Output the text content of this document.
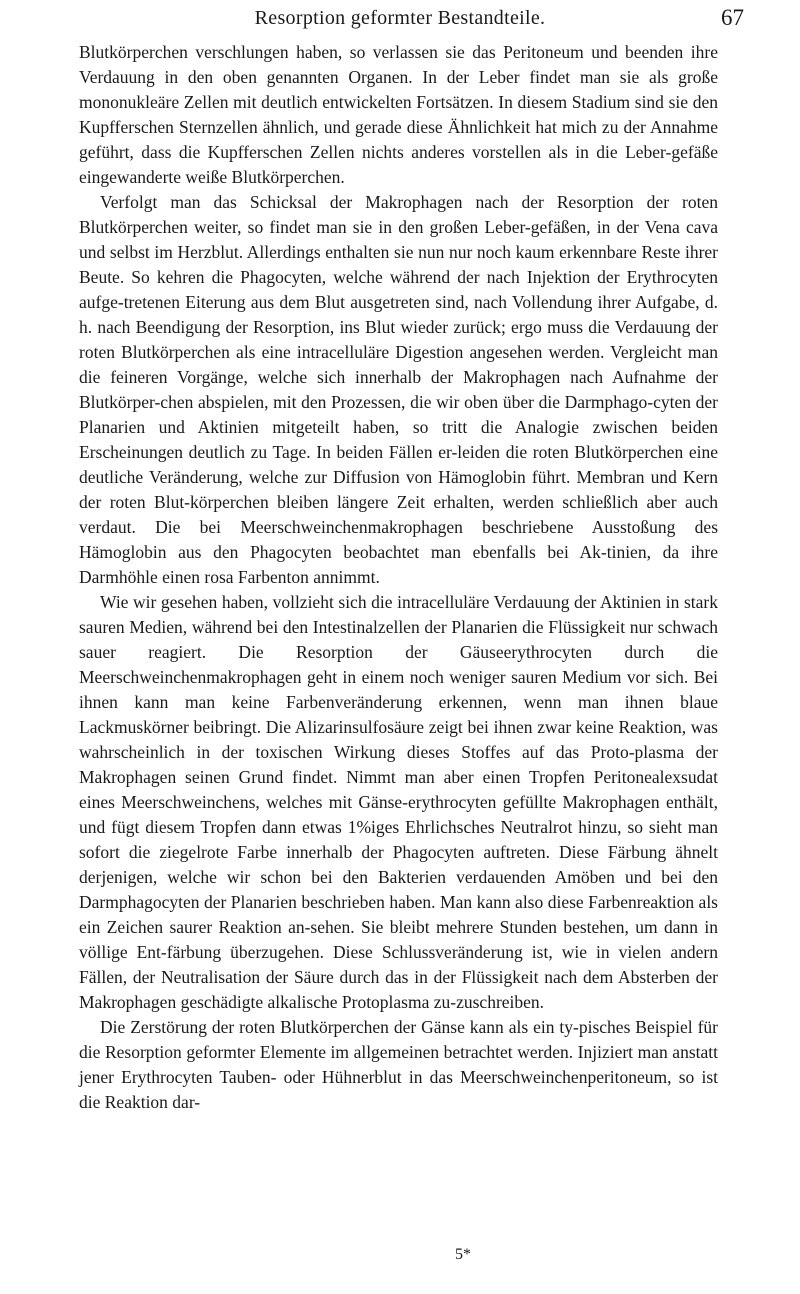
Resorption geformter Bestandteile.	67

Blutkörperchen verschlungen haben, so verlassen sie das Peritoneum und beenden ihre Verdauung in den oben genannten Organen. In der Leber findet man sie als große mononukleäre Zellen mit deutlich entwickelten Fortsätzen. In diesem Stadium sind sie den Kupfferschen Sternzellen ähnlich, und gerade diese Ähnlichkeit hat mich zu der Annahme geführt, dass die Kupfferschen Zellen nichts anderes vorstellen als in die Leber-gefäße eingewanderte weiße Blutkörperchen.

Verfolgt man das Schicksal der Makrophagen nach der Resorption der roten Blutkörperchen weiter, so findet man sie in den großen Leber-gefäßen, in der Vena cava und selbst im Herzblut. Allerdings enthalten sie nun nur noch kaum erkennbare Reste ihrer Beute. So kehren die Phagocyten, welche während der nach Injektion der Erythrocyten aufge-tretenen Eiterung aus dem Blut ausgetreten sind, nach Vollendung ihrer Aufgabe, d. h. nach Beendigung der Resorption, ins Blut wieder zurück; ergo muss die Verdauung der roten Blutkörperchen als eine intracelluläre Digestion angesehen werden. Vergleicht man die feineren Vorgänge, welche sich innerhalb der Makrophagen nach Aufnahme der Blutkörper-chen abspielen, mit den Prozessen, die wir oben über die Darmphago-cyten der Planarien und Aktinien mitgeteilt haben, so tritt die Analogie zwischen beiden Erscheinungen deutlich zu Tage. In beiden Fällen er-leiden die roten Blutkörperchen eine deutliche Veränderung, welche zur Diffusion von Hämoglobin führt. Membran und Kern der roten Blut-körperchen bleiben längere Zeit erhalten, werden schließlich aber auch verdaut. Die bei Meerschweinchenmakrophagen beschriebene Ausstoßung des Hämoglobin aus den Phagocyten beobachtet man ebenfalls bei Ak-tinien, da ihre Darmhöhle einen rosa Farbenton annimmt.

Wie wir gesehen haben, vollzieht sich die intracelluläre Verdauung der Aktinien in stark sauren Medien, während bei den Intestinalzellen der Planarien die Flüssigkeit nur schwach sauer reagiert. Die Resorption der Gäuseerythrocyten durch die Meerschweinchenmakrophagen geht in einem noch weniger sauren Medium vor sich. Bei ihnen kann man keine Farbenveränderung erkennen, wenn man ihnen blaue Lackmuskörner beibringt. Die Alizarinsulfosäure zeigt bei ihnen zwar keine Reaktion, was wahrscheinlich in der toxischen Wirkung dieses Stoffes auf das Proto-plasma der Makrophagen seinen Grund findet. Nimmt man aber einen Tropfen Peritonealexsudat eines Meerschweinchens, welches mit Gänse-erythrocyten gefüllte Makrophagen enthält, und fügt diesem Tropfen dann etwas 1%iges Ehrlichsches Neutralrot hinzu, so sieht man sofort die ziegelrote Farbe innerhalb der Phagocyten auftreten. Diese Färbung ähnelt derjenigen, welche wir schon bei den Bakterien verdauenden Amöben und bei den Darmphagocyten der Planarien beschrieben haben. Man kann also diese Farbenreaktion als ein Zeichen saurer Reaktion an-sehen. Sie bleibt mehrere Stunden bestehen, um dann in völlige Ent-färbung überzugehen. Diese Schlussveränderung ist, wie in vielen andern Fällen, der Neutralisation der Säure durch das in der Flüssigkeit nach dem Absterben der Makrophagen geschädigte alkalische Protoplasma zu-zuschreiben.

Die Zerstörung der roten Blutkörperchen der Gänse kann als ein ty-pisches Beispiel für die Resorption geformter Elemente im allgemeinen betrachtet werden. Injiziert man anstatt jener Erythrocyten Tauben- oder Hühnerblut in das Meerschweinchenperitoneum, so ist die Reaktion dar-

5*
